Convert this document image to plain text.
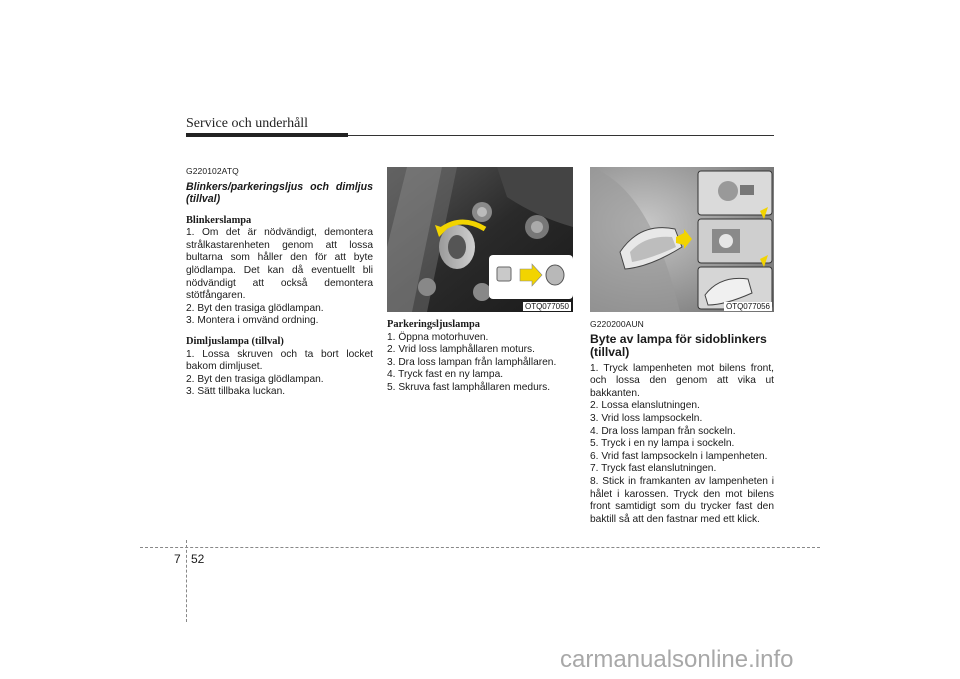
Service och underhåll
G220102ATQ
Blinkers/parkeringsljus och dimljus (tillval)
Blinkerslampa
1. Om det är nödvändigt, demontera strålkastarenheten genom att lossa bultarna som håller den för att byte glödlampa. Det kan då eventuellt bli nödvändigt att också demontera stötfångaren.
2. Byt den trasiga glödlampan.
3. Montera i omvänd ordning.
Dimljuslampa (tillval)
1. Lossa skruven och ta bort locket bakom dimljuset.
2. Byt den trasiga glödlampan.
3. Sätt tillbaka luckan.
OTQ077050
Parkeringsljuslampa
1. Öppna motorhuven.
2. Vrid loss lamphållaren moturs.
3. Dra loss lampan från lamphållaren.
4. Tryck fast en ny lampa.
5. Skruva fast lamphållaren medurs.
OTQ077056
G220200AUN
Byte av lampa för sidoblinkers (tillval)
1. Tryck lampenheten mot bilens front, och lossa den genom att vika ut bakkanten.
2. Lossa elanslutningen.
3. Vrid loss lampsockeln.
4. Dra loss lampan från sockeln.
5. Tryck i en ny lampa i sockeln.
6. Vrid fast lampsockeln i lampenheten.
7. Tryck fast elanslutningen.
8. Stick in framkanten av lampenheten i hålet i karossen. Tryck den mot bilens front samtidigt som du trycker fast den baktill så att den fastnar med ett klick.
7 52
carmanualsonline.info
